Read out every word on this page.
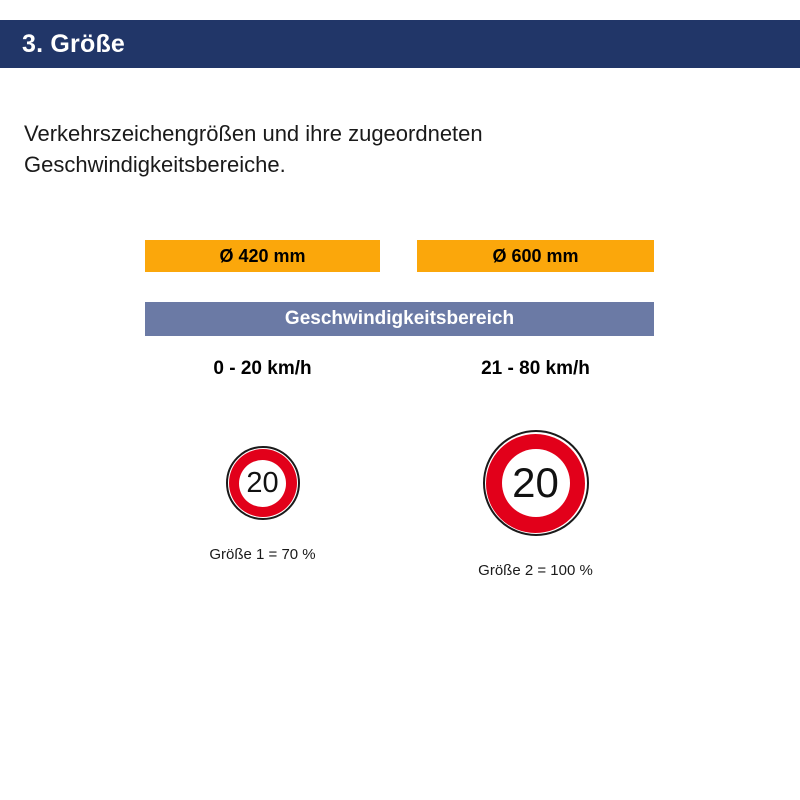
3. Größe
Verkehrszeichengrößen und ihre zugeordneten Geschwindigkeitsbereiche.
Ø 420 mm	Ø 600 mm
Geschwindigkeitsbereich
0 - 20 km/h	21 - 80 km/h
20
Größe 1 = 70 %
20
Größe 2 = 100 %
